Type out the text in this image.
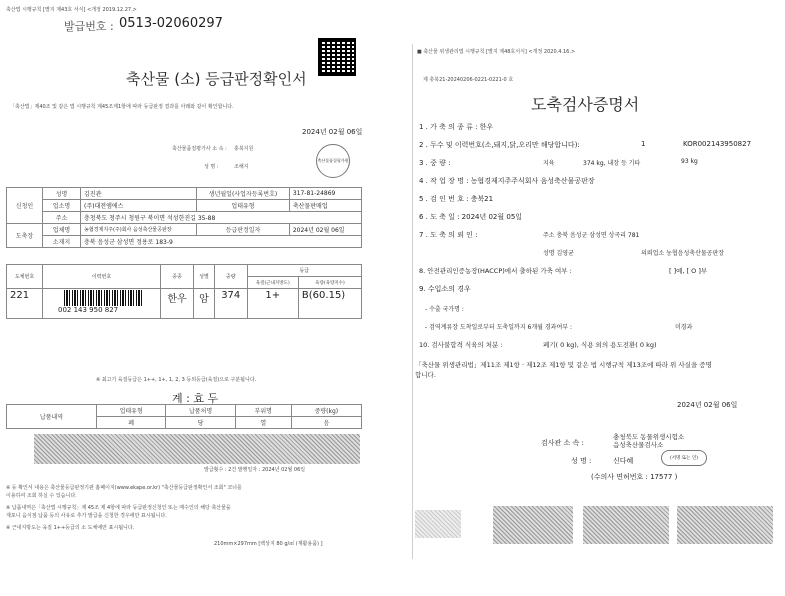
축산법 시행규칙 [별지 제43호 서식] <개정 2019.12.27.>
발급번호 : 0513-02060297
축산물 (소) 등급판정확인서
「축산법」제40조 및 같은 법 시행규칙 제45조제1항에 따라 등급판정 결과를 아래와 같이 확인합니다.
2024년 02월 06일
축산물품질평가사 소 속 : 충북지원
성 명 :	조해지
축산물품질평가원
신청인	성명	김진관	생년월일(사업자등록번호)	317-81-24869
	업소명	(주)대전엠에스	업태유형	축산물판매업
	주소	충청북도 청주시 청원구 북이면 석성한진길 35-88		
도축장	업체명	농협경제지주(주)회사 음성축산물공판장	등급판정일자	2024년 02월 06일
	소재지	충북 음성군 삼성면 정용로 183-9		
도체번호	이력번호	종종	성별	중량	등급	
					육질(근내지방도)	육량(육량지수)
221	002 143 950 827	한우	암	374	1+	B(60.15)
※ 최고기 육질등급은 1++, 1+, 1, 2, 3 등외등급(육질)으로 구분됩니다.
계 : 효 두
납품내역	업태유형	납품처명	부위명	중량(kg)
	폐	당	열	음
발급횟수 : 2건 발행일자 : 2024년 02월 06일
※ 등 확인서 내용은 축산물등급판정기관 홈페이지(www.ekape.or.kr) "축산물등급판정확인서 조회" 코너를
이용하여 조회 하실 수 있습니다.
※ 납품내역은「축산법 시행규칙」제 45조 제 4항에 따라 등급판정신청인 또는 매수인의 해당 축산물을
재포니 음식점 납품 등의 사유로 추가 발급을 신청한 경우에만 표시됩니다.
※ 근내지방도는 육질 1++등급의 소 도체에만 표시됩니다.
210mm×297mm [백상지 80 g/㎡ (재활용품) ]
■ 축산물 위생관리법 시행규칙 [별지 제48호서식] <개정 2020.4.16.>
제 충북21-20240206-0221-0221-0 호
도축검사증명서
1 . 가 축 의 종 류 : 한우
2 . 두수 및 이력번호(소,돼지,닭,오리만 해당합니다):	1	KOR002143950827
3 . 중 량 :	지육	374 kg, 내장 등 기타	93 kg
4 . 작 업 장 명 : 농협경제지주주식회사 음성축산물공판장
5 . 검 인 번 호 : 충북21
6 . 도 축 일 : 2024년 02월 05일
7 . 도 축 의 뢰 인 :	주소 충북 음성군 삼성면 상곡리 781
성명 김영균	의뢰업소 농협음성축산물공판장
8. 안전관리인증농장(HACCP)에서 출하된 가축 여부 :	[ ]예, [ O ]부
9. 수입소의 경우
- 수출 국가명 :
- 검역계류장 도착일로부터 도축일까지 6개월 경과여부 :	미경과
10. 검사불합격 식육의 처분 :	폐기( 0 kg), 식용 외의 용도전환( 0 kg)
「축산물 위생관리법」제11조 제1항 · 제12조 제1항 및 같은 법 시행규칙 제13조에 따라 위 사실을 증명
합니다.
2024년 02월 06일
검사관 소 속 :
충청북도 동물위생시험소
음성축산물검사소
성 명 :	신다혜	(서명 또는 인)
(수의사 면허번호 : 17577 )
